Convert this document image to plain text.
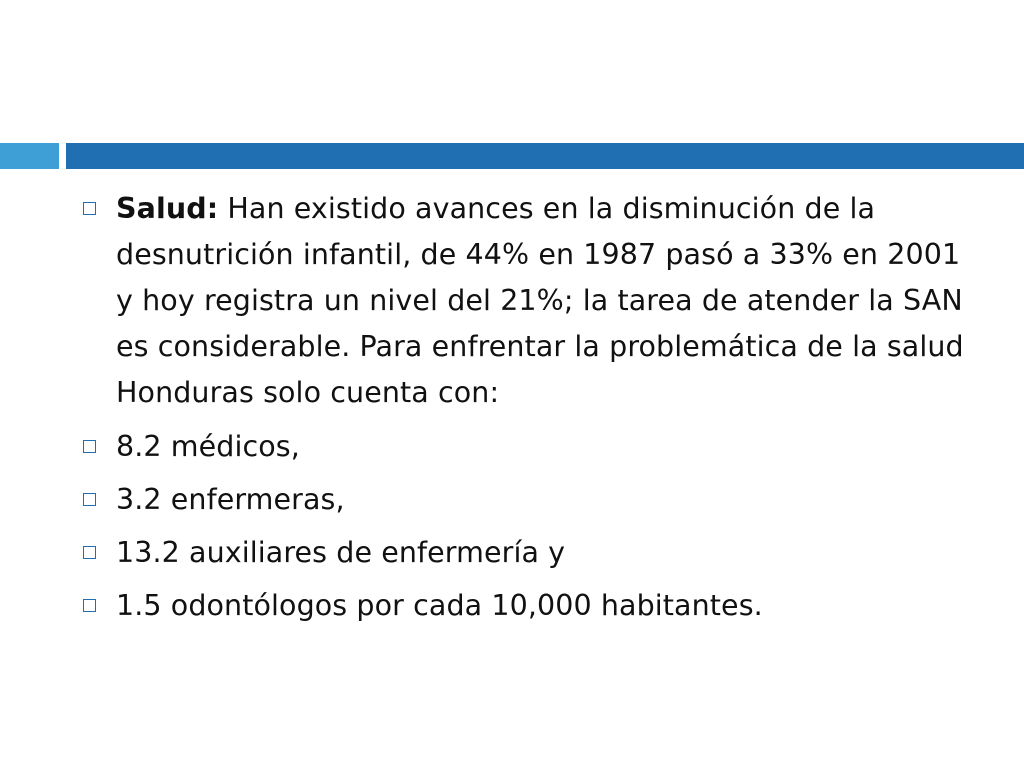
Salud: Han existido avances en la disminución de la desnutrición infantil, de 44% en 1987 pasó a 33% en 2001 y hoy registra un nivel del 21%; la tarea de atender la SAN es considerable. Para enfrentar la problemática de la salud Honduras solo cuenta con:
8.2 médicos,
3.2 enfermeras,
13.2 auxiliares de enfermería y
1.5 odontólogos por cada 10,000 habitantes.
